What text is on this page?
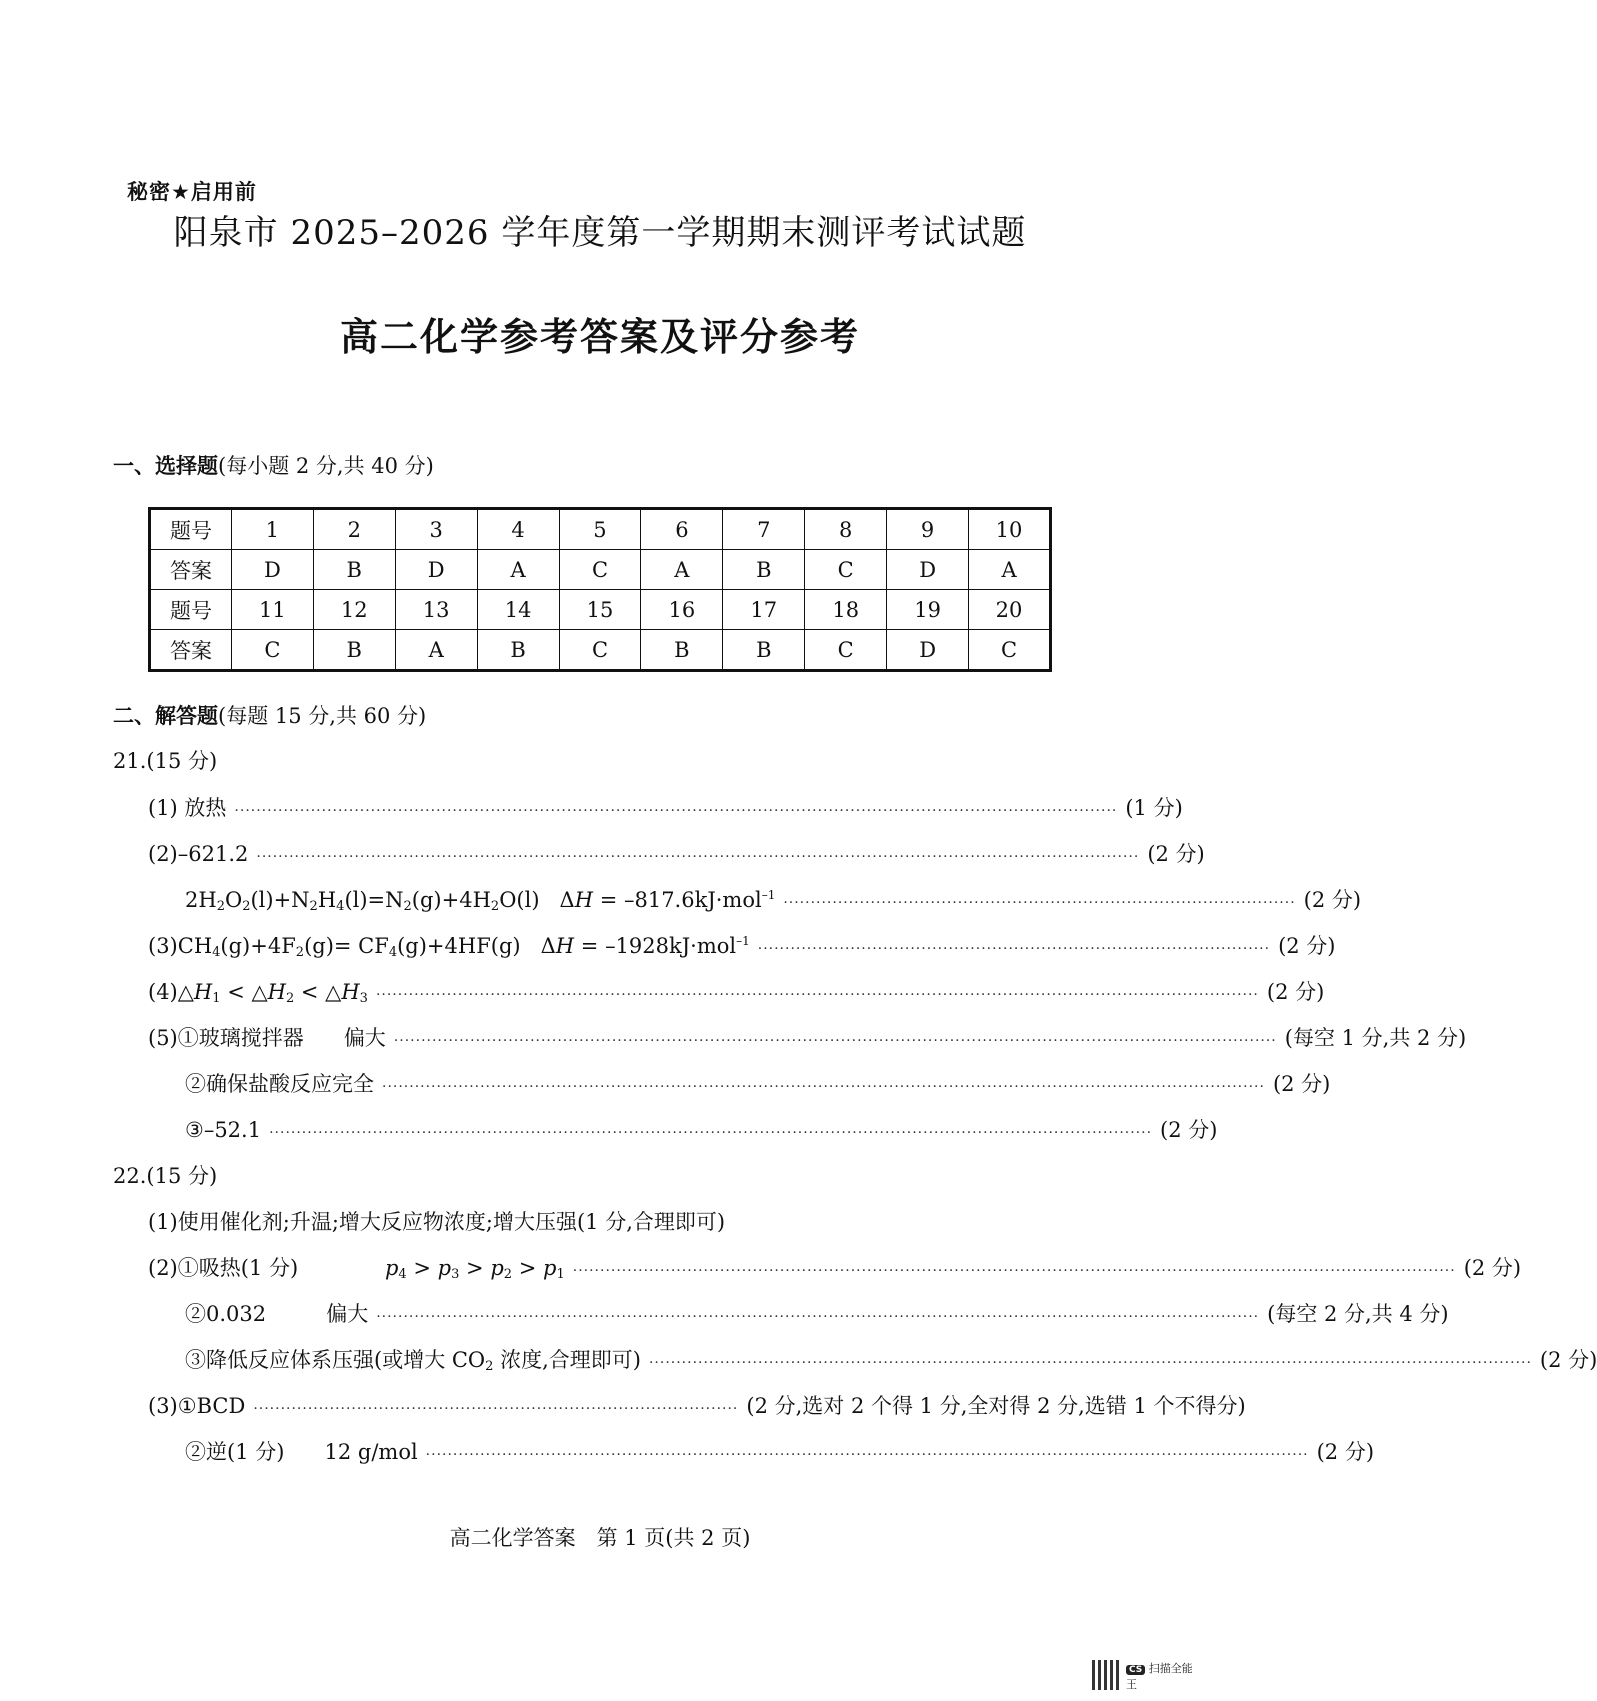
秘密★启用前
阳泉市 2025–2026 学年度第一学期期末测评考试试题
高二化学参考答案及评分参考
一、选择题(每小题 2 分,共 40 分)
题号	1	2	3	4	5	6	7	8	9	10
答案	D	B	D	A	C	A	B	C	D	A
题号	11	12	13	14	15	16	17	18	19	20
答案	C	B	A	B	C	B	B	C	D	C
二、解答题(每题 15 分,共 60 分)
21.(15 分)
(1) 放热 ·································································································································································· (1 分)
(2)–621.2 ·································································································································································· (2 分)
$2H_2O_2(l)+N_2H_4(l)=N_2(g)+4H_2O(l) \Delta H = -817.6kJ\cdot mol^{-1}$ ······························································································ (2 分)
$(3)CH_4(g)+4F_2(g)= CF_4(g)+4HF(g) \Delta H = -1928kJ\cdot mol^{-1}$ ······························································································ (2 分)
$(4)\triangle H_1$ < $\triangle H_2$ < $\triangle H_3$ ·································································································································································· (2 分)
(5)①玻璃搅拌器 偏大 ·································································································································································· (每空 1 分,共 2 分)
②确保盐酸反应完全 ·································································································································································· (2 分)
③–52.1 ·································································································································································· (2 分)
22.(15 分)
(1)使用催化剂;升温;增大反应物浓度;增大压强(1 分,合理即可)
(2)①吸热(1 分)	$p_4 > p_3 > p_2 > p_1$ ·································································································································································· (2 分)
②0.032	偏大 ·································································································································································· (每空 2 分,共 4 分)
③降低反应体系压强(或增大 $CO_2$ 浓度,合理即可) ·································································································································································· (2 分)
(3)①BCD ························································································· (2 分,选对 2 个得 1 分,全对得 2 分,选错 1 个不得分)
②逆(1 分) 12 g/mol ·································································································································································· (2 分)
高二化学答案　第 1 页(共 2 页)
CS 扫描全能王
